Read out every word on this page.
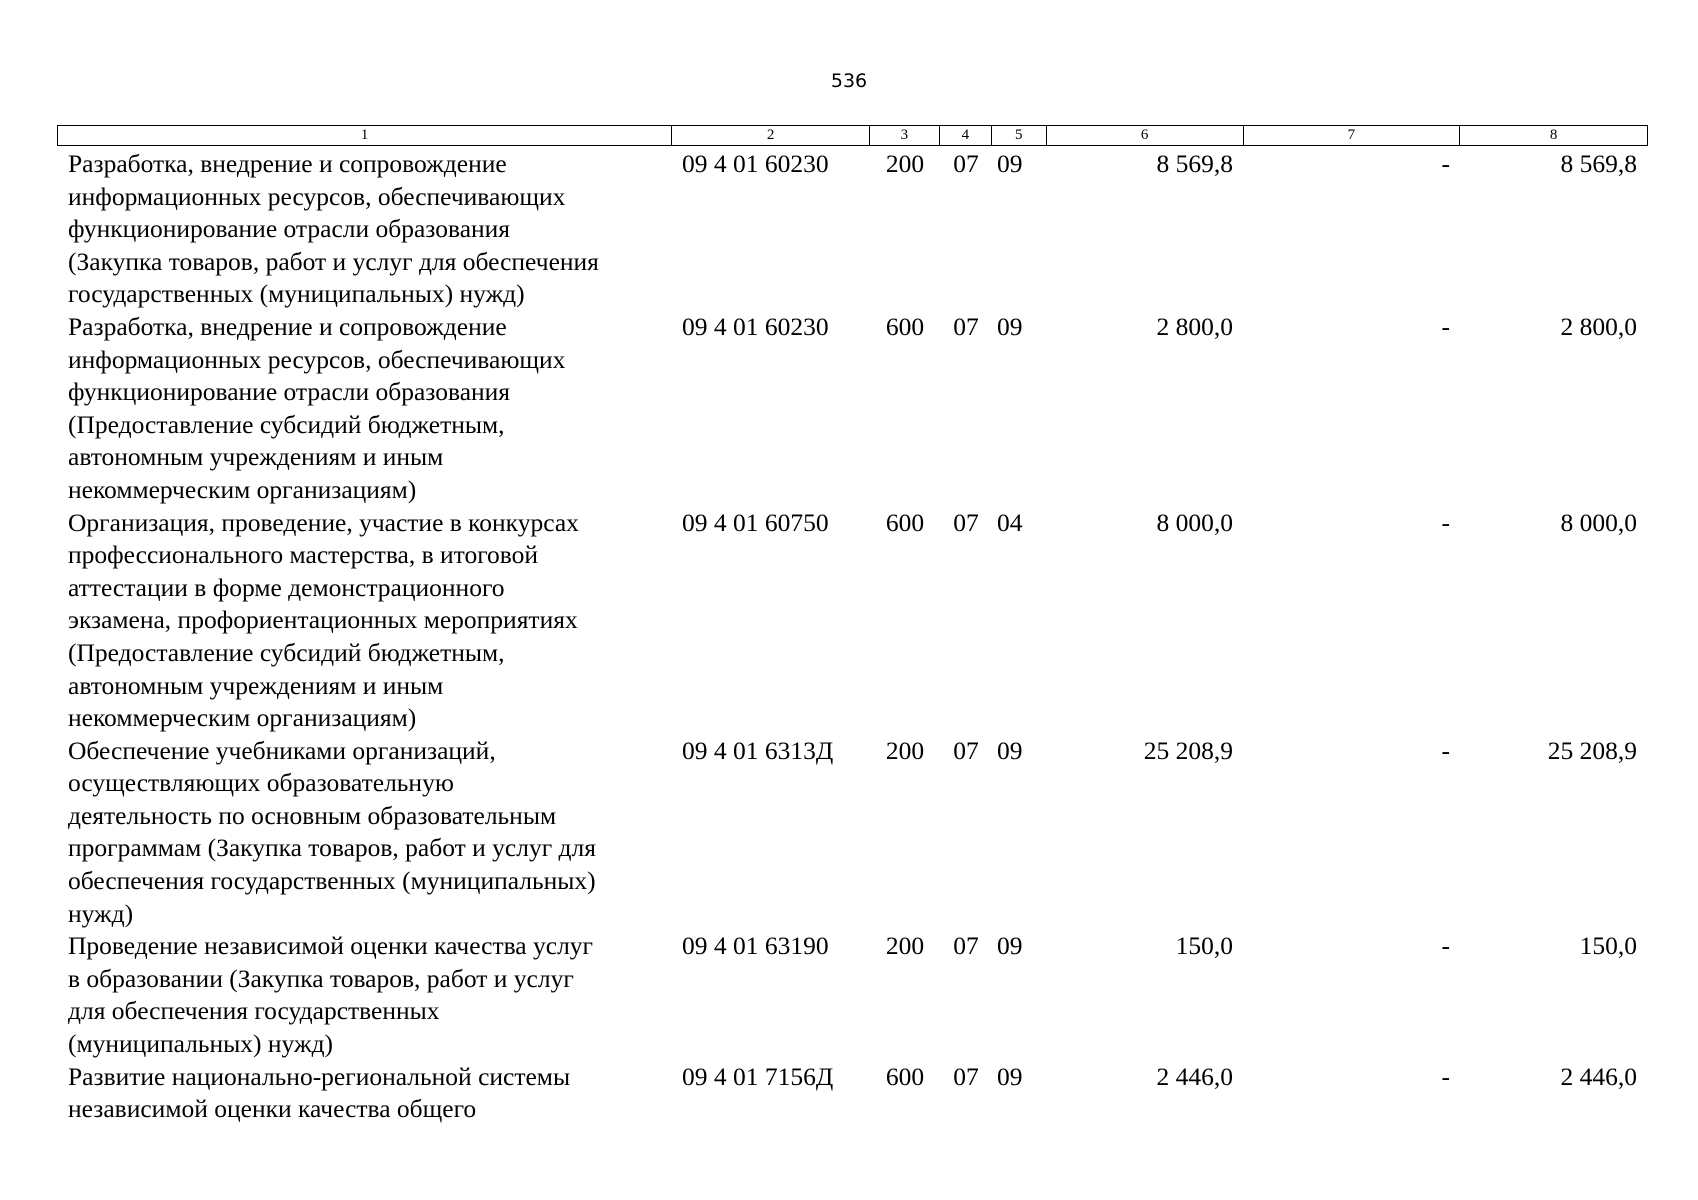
536
1	2	3	4	5	6	7	8
Разработка, внедрение и сопровождение
информационных ресурсов, обеспечивающих
функционирование отрасли образования
(Закупка товаров, работ и услуг для обеспечения
государственных (муниципальных) нужд)
09 4 01 60230	200	07 09	8 569,8	-	8 569,8
Разработка, внедрение и сопровождение
информационных ресурсов, обеспечивающих
функционирование отрасли образования
(Предоставление субсидий бюджетным,
автономным учреждениям и иным
некоммерческим организациям)
09 4 01 60230	600	07 09	2 800,0	-	2 800,0
Организация, проведение, участие в конкурсах
профессионального мастерства, в итоговой
аттестации в форме демонстрационного
экзамена, профориентационных мероприятиях
(Предоставление субсидий бюджетным,
автономным учреждениям и иным
некоммерческим организациям)
09 4 01 60750	600	07 04	8 000,0	-	8 000,0
Обеспечение учебниками организаций,
осуществляющих образовательную
деятельность по основным образовательным
программам (Закупка товаров, работ и услуг для
обеспечения государственных (муниципальных)
нужд)
09 4 01 6313Д	200	07 09	25 208,9	-	25 208,9
Проведение независимой оценки качества услуг
в образовании (Закупка товаров, работ и услуг
для обеспечения государственных
(муниципальных) нужд)
09 4 01 63190	200	07 09	150,0	-	150,0
Развитие национально-региональной системы
независимой оценки качества общего
09 4 01 7156Д	600	07 09	2 446,0	-	2 446,0
